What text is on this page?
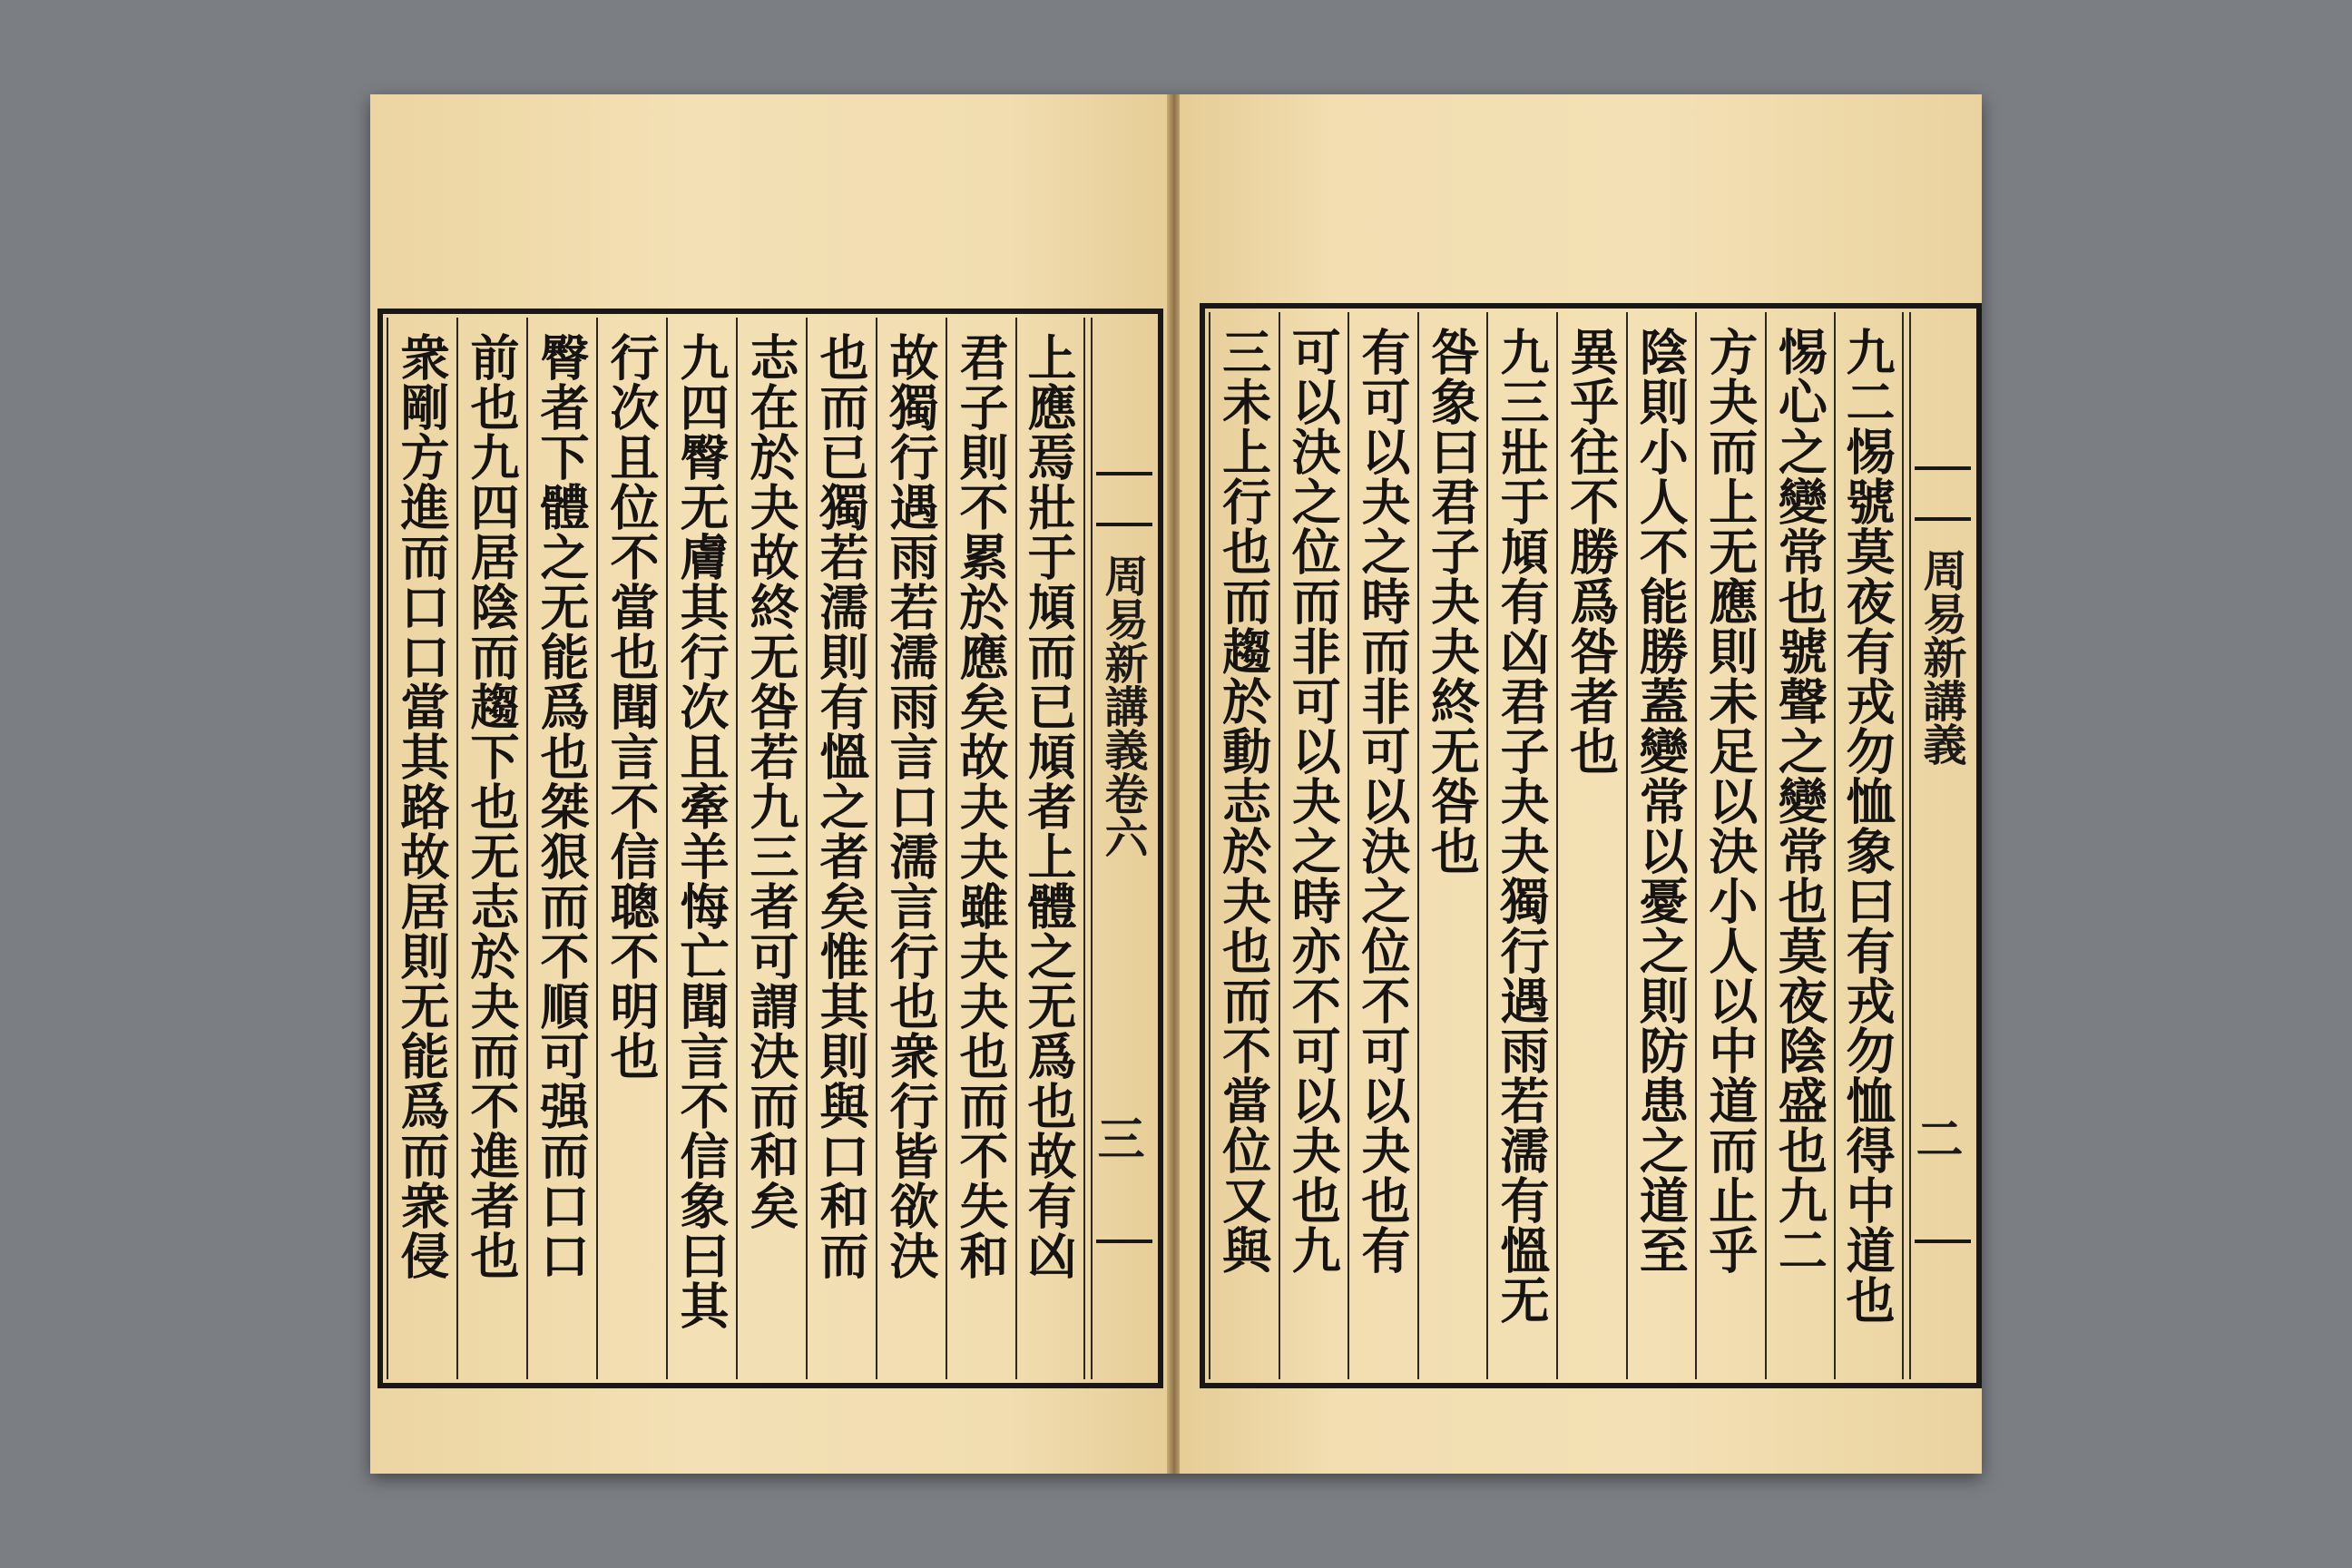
上應焉壯于頄而已頄者上體之无爲也故有凶
君子則不累於應矣故夬夬雖夬夬也而不失和
故獨行遇雨若濡雨言口濡言行也衆行皆欲決
也而已獨若濡則有慍之者矣惟其則與口和而
志在於夬故終无咎若九三者可謂決而和矣
九四臀无膚其行次且牽羊悔亡聞言不信象曰其
行次且位不當也聞言不信聰不明也
臀者下體之无能爲也桀狠而不順可强而口口
前也九四居陰而趨下也无志於夬而不進者也
衆剛方進而口口當其路故居則无能爲而衆侵	周易新講義卷六
三	九二惕號莫夜有戎勿恤象曰有戎勿恤得中道也
惕心之變常也號聲之變常也莫夜陰盛也九二
方夬而上无應則未足以決小人以中道而止乎
陰則小人不能勝蓋變常以憂之則防患之道至
異乎往不勝爲咎者也
九三壯于頄有凶君子夬夬獨行遇雨若濡有慍无
咎象曰君子夬夬終无咎也
有可以夬之時而非可以決之位不可以夬也有
可以決之位而非可以夬之時亦不可以夬也九
三未上行也而趨於動志於夬也而不當位又與	周易新講義
二
